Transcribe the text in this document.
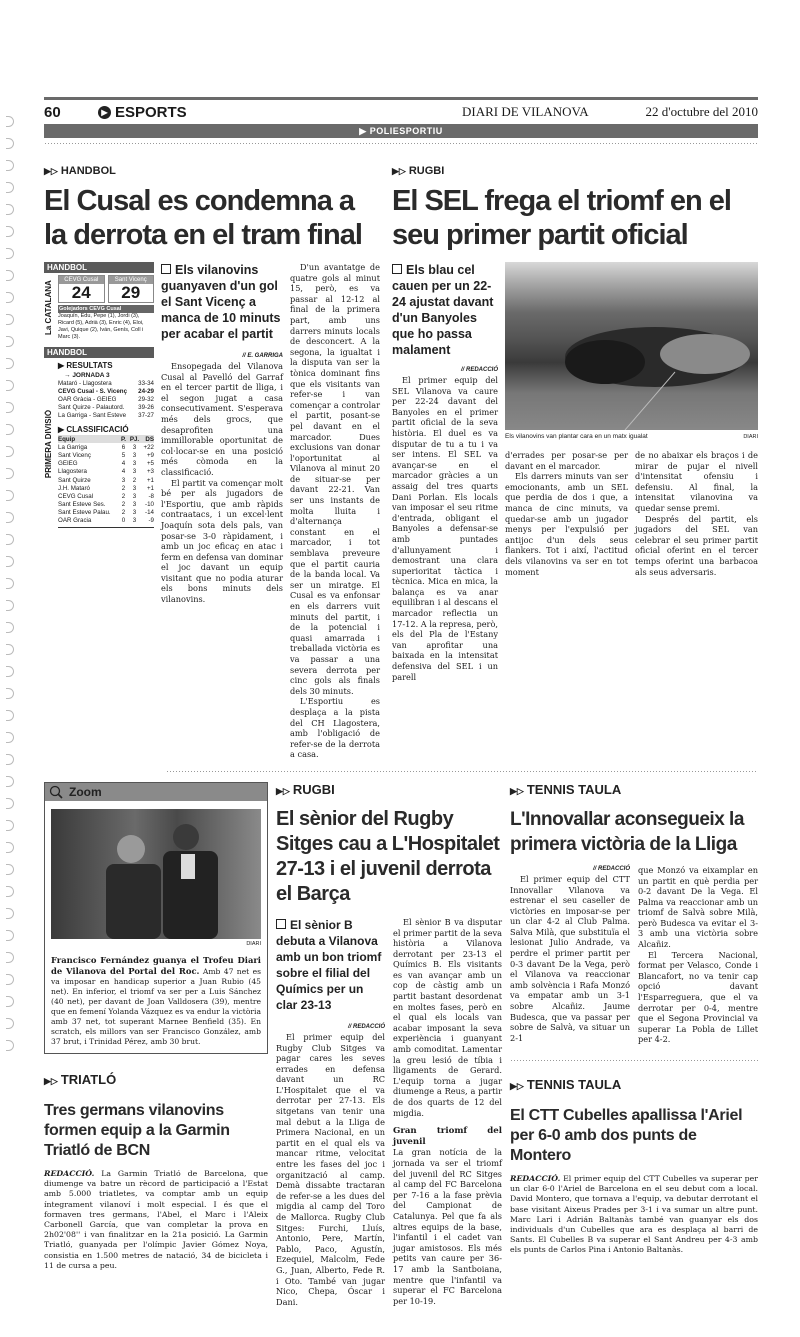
60	▶ ESPORTS	DIARI DE VILANOVA	22 d'octubre del 2010
▶ POLIESPORTIU
▶▷ HANDBOL
El Cusal es condemna a la derrota en el tram final
HANDBOL
La CATALANA
CEVG Cusal
24
Sant Vicenç
29
Golejadors CEVG Cusal
Joaquín, Edu, Pepe (1), Jordi (3), Ricard (5), Adrià (3), Enric (4), Eloi, Javi, Quique (2), Iván, Genís, Coll i Marc (3).
HANDBOL
PRIMERA DIVISIÓ
▶ RESULTATS
→ JORNADA 3
Mataró - Llagostera	33-34
CEVG Cusal - S. Vicenç 24-29
OAR Gràcia - GEIEG	29-32
Sant Quirze - Palautord. 39-26
La Garriga - Sant Esteve 37-27
▶ CLASSIFICACIÓ
Equip	P.	PJ.	DS
La Garriga	6	3	+22
Sant Vicenç	5	3	+9
GEIEG	4	3	+5
Llagostera	4	3	+3
Sant Quirze	3	2	+1
J.H. Mataró	2	3	+1
CEVG Cusal	2	3	-8
Sant Esteve Ses.	2	3	-10
Sant Esteve Palau.	2	3	-14
OAR Gracia	0	3	-9
Els vilanovins guanyaven d'un gol el Sant Vicenç a manca de 10 minuts per acabar el partit
// E. GARRIGA

Ensopegada del Vilanova Cusal al Pavelló del Garraf en el tercer partit de lliga, i el segon jugat a casa consecutivament. S'esperava més dels grocs, que desaprofiten una immillorable oportunitat de col·locar-se en una posició més còmoda en la classificació.

El partit va començar molt bé per als jugadors de l'Esportiu, que amb ràpids contraatacs, i un excel·lent Joaquín sota dels pals, van posar-se 3-0 ràpidament, i amb un joc eficaç en atac i ferm en defensa van dominar el joc davant un equip visitant que no podia aturar els bons minuts dels vilanovins.

D'un avantatge de quatre gols al minut 15, però, es va passar al 12-12 al final de la primera part, amb uns darrers minuts locals de desconcert. A la segona, la igualtat i la disputa van ser la tònica dominant fins que els visitants van refer-se i van començar a controlar el partit, posant-se pel davant en el marcador. Dues exclusions van donar l'oportunitat al Vilanova al minut 20 de situar-se per davant 22-21. Van ser uns instants de molta lluita i d'alternança constant en el marcador, i tot semblava preveure que el partit cauria de la banda local. Va ser un miratge. El Cusal es va enfonsar en els darrers vuit minuts del partit, i de la potencial i quasi amarrada i treballada victòria es va passar a una severa derrota per cinc gols als finals dels 30 minuts.

L'Esportiu es desplaça a la pista del CH Llagostera, amb l'obligació de refer-se de la derrota a casa.

▶▷ RUGBI
El SEL frega el triomf en el seu primer partit oficial
Els blau cel cauen per un 22-24 ajustat davant d'un Banyoles que ho passa malament
// REDACCIÓ

El primer equip del SEL Vilanova va caure per 22-24 davant del Banyoles en el primer partit oficial de la seva història. El duel es va disputar de tu a tu i va ser intens. El SEL va avançar-se en el marcador gràcies a un assaig del tres quarts Dani Porlan. Els locals van imposar el seu ritme d'entrada, obligant el Banyoles a defensar-se amb puntades d'allunyament i demostrant una clara superioritat tàctica i tècnica. Mica en mica, la balança es va anar equilibran i al descans el marcador reflectia un 17-12. A la represa, però, els del Pla de l'Estany van aprofitar una baixada en la intensitat defensiva del SEL i un parell

Els vilanovins van plantar cara en un matx igualat	DIARI

d'errades per posar-se per davant en el marcador.

Els darrers minuts van ser emocionants, amb un SEL que perdia de dos i que, a manca de cinc minuts, va quedar-se amb un jugador menys per l'expulsió per antijoc d'un dels seus flankers. Tot i així, l'actitud dels vilanovins va ser en tot moment

de no abaixar els braços i de mirar de pujar el nivell d'intensitat ofensiu i defensiu. Al final, la intensitat vilanovina va quedar sense premi.

Després del partit, els jugadors del SEL van celebrar el seu primer partit oficial oferint en el tercer temps oferint una barbacoa als seus adversaris.

Zoom
DIARI
Francisco Fernández guanya el Trofeu Diari de Vilanova del Portal del Roc. Amb 47 net es va imposar en handicap superior a Juan Rubio (45 net). En inferior, el triomf va ser per a Luis Sánchez (40 net), per davant de Joan Valldosera (39), mentre que en femení Yolanda Vázquez es va endur la victòria amb 37 net, tot superant Marnee Benfield (35). En scratch, els millors van ser Francisco González, amb 37 brut, i Trinidad Pérez, amb 30 brut.
▶▷ TRIATLÓ
Tres germans vilanovins formen equip a la Garmin Triatló de BCN
REDACCIÓ. La Garmin Triatló de Barcelona, que diumenge va batre un rècord de participació a l'Estat amb 5.000 triatletes, va comptar amb un equip íntegrament vilanoví i molt especial. I és que el formaven tres germans, l'Abel, el Marc i l'Aleix Carbonell García, que van completar la prova en 2h02'08'' i van finalitzar en la 21a posició. La Garmin Triatló, guanyada per l'olímpic Javier Gómez Noya, consistia en 1.500 metres de natació, 34 de bicicleta i 11 de cursa a peu.
▶▷ RUGBI
El sènior del Rugby Sitges cau a L'Hospitalet 27-13 i el juvenil derrota el Barça
El sènior B debuta a Vilanova amb un bon triomf sobre el filial del Químics per un clar 23-13
// REDACCIÓ

El primer equip del Rugby Club Sitges va pagar cares les seves errades en defensa davant un RC L'Hospitalet que el va derrotar per 27-13. Els sitgetans van tenir una mal debut a la Lliga de Primera Nacional, en un partit en el qual els va mancar ritme, velocitat entre les fases del joc i organització al camp. Demà dissabte tractaran de refer-se a les dues del migdia al camp del Toro de Mallorca. Rugby Club Sitges: Furchi, Lluís, Antonio, Pere, Martín, Pablo, Paco, Agustín, Ezequiel, Malcolm, Fede G., Juan, Alberto, Fede R. i Oto. També van jugar Nico, Chepa, Óscar i Dani.

El sènior B va disputar el primer partit de la seva història a Vilanova derrotant per 23-13 el Químics B. Els visitants es van avançar amb un cop de càstig amb un partit bastant desordenat en moltes fases, però en el qual els locals van acabar imposant la seva experiència i guanyant amb comoditat. Lamentar la greu lesió de tíbia i lligaments de Gerard. L'equip torna a jugar diumenge a Reus, a partir de dos quarts de 12 del migdia.

Gran triomf del juvenil

La gran notícia de la jornada va ser el triomf del juvenil del RC Sitges al camp del FC Barcelona per 7-16 a la fase prèvia del Campionat de Catalunya. Pel que fa als altres equips de la base, l'infantil i el cadet van jugar amistosos. Els més petits van caure per 36-17 amb la Santboiana, mentre que l'infantil va superar el FC Barcelona per 10-19.

▶▷ TENNIS TAULA
L'Innovallar aconsegueix la primera victòria de la Lliga
// REDACCIÓ

El primer equip del CTT Innovallar Vilanova va estrenar el seu caseller de victòries en imposar-se per un clar 4-2 al Club Palma. Salva Milà, que substituïa el lesionat Julio Andrade, va perdre el primer partit per 0-3 davant De la Vega, però el Vilanova va reaccionar amb solvència i Rafa Monzó va empatar amb un 3-1 sobre Alcañiz. Jaume Budesca, que va passar per sobre de Salvà, va situar un 2-1

que Monzó va eixamplar en un partit en què perdia per 0-2 davant De la Vega. El Palma va reaccionar amb un triomf de Salvà sobre Milà, però Budesca va evitar el 3-3 amb una victòria sobre Alcañiz.

El Tercera Nacional, format per Velasco, Conde i Blancafort, no va tenir cap opció davant l'Esparreguera, que el va derrotar per 0-4, mentre que el Segona Provincial va superar La Pobla de Lillet per 4-2.

▶▷ TENNIS TAULA
El CTT Cubelles apallissa l'Ariel per 6-0 amb dos punts de Montero
REDACCIÓ. El primer equip del CTT Cubelles va superar per un clar 6-0 l'Ariel de Barcelona en el seu debut com a local. David Montero, que tornava a l'equip, va debutar derrotant el base visitant Aixeus Prades per 3-1 i va sumar un altre punt. Marc Lari i Adrián Baltanàs també van guanyar els dos individuals d'un Cubelles que ara es desplaça al barri de Sants. El Cubelles B va superar el Sant Andreu per 4-3 amb els punts de Carlos Pina i Antonio Baltanàs.
